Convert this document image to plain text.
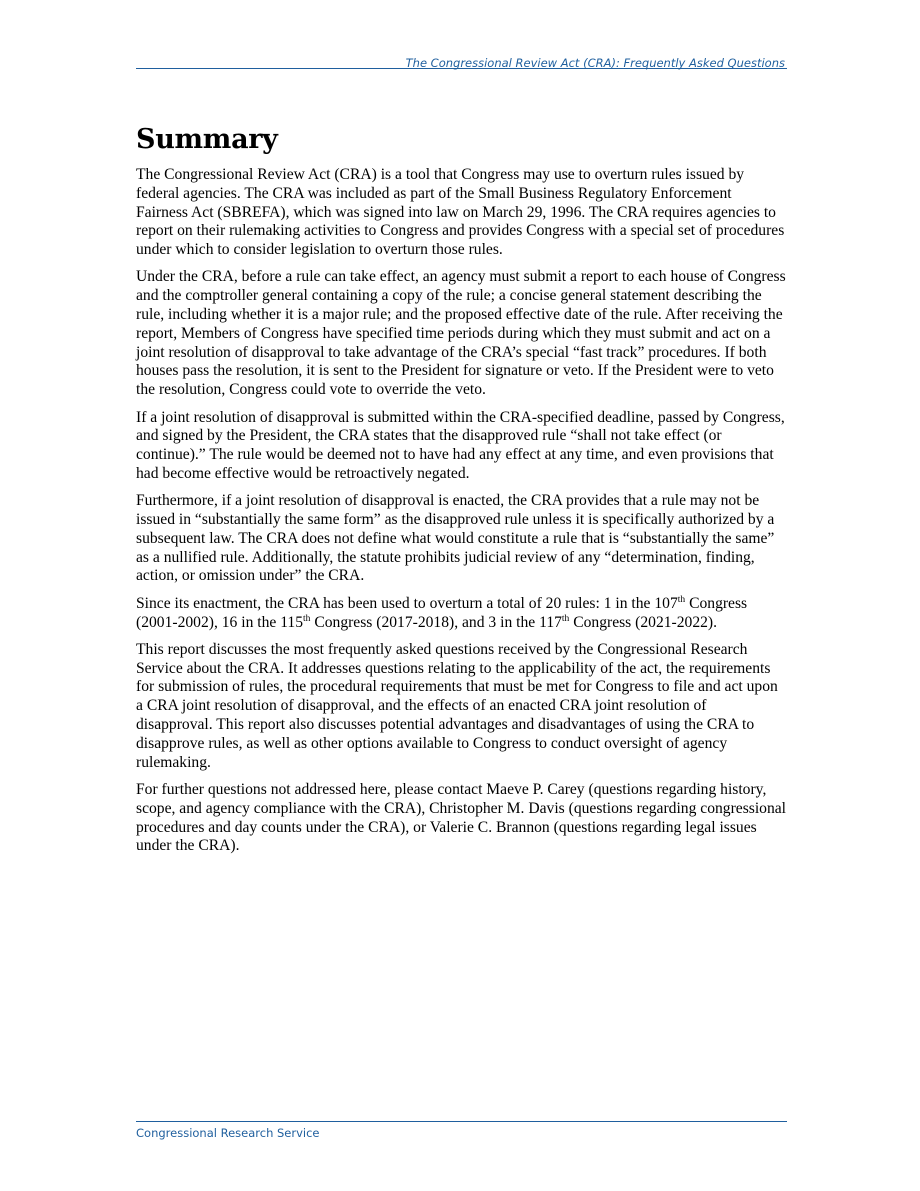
The Congressional Review Act (CRA): Frequently Asked Questions
Summary

The Congressional Review Act (CRA) is a tool that Congress may use to overturn rules issued by federal agencies. The CRA was included as part of the Small Business Regulatory Enforcement Fairness Act (SBREFA), which was signed into law on March 29, 1996. The CRA requires agencies to report on their rulemaking activities to Congress and provides Congress with a special set of procedures under which to consider legislation to overturn those rules.

Under the CRA, before a rule can take effect, an agency must submit a report to each house of Congress and the comptroller general containing a copy of the rule; a concise general statement describing the rule, including whether it is a major rule; and the proposed effective date of the rule. After receiving the report, Members of Congress have specified time periods during which they must submit and act on a joint resolution of disapproval to take advantage of the CRA’s special “fast track” procedures. If both houses pass the resolution, it is sent to the President for signature or veto. If the President were to veto the resolution, Congress could vote to override the veto.

If a joint resolution of disapproval is submitted within the CRA-specified deadline, passed by Congress, and signed by the President, the CRA states that the disapproved rule “shall not take effect (or continue).” The rule would be deemed not to have had any effect at any time, and even provisions that had become effective would be retroactively negated.

Furthermore, if a joint resolution of disapproval is enacted, the CRA provides that a rule may not be issued in “substantially the same form” as the disapproved rule unless it is specifically authorized by a subsequent law. The CRA does not define what would constitute a rule that is “substantially the same” as a nullified rule. Additionally, the statute prohibits judicial review of any “determination, finding, action, or omission under” the CRA.

Since its enactment, the CRA has been used to overturn a total of 20 rules: 1 in the 107th Congress (2001-2002), 16 in the 115th Congress (2017-2018), and 3 in the 117th Congress (2021-2022).

This report discusses the most frequently asked questions received by the Congressional Research Service about the CRA. It addresses questions relating to the applicability of the act, the requirements for submission of rules, the procedural requirements that must be met for Congress to file and act upon a CRA joint resolution of disapproval, and the effects of an enacted CRA joint resolution of disapproval. This report also discusses potential advantages and disadvantages of using the CRA to disapprove rules, as well as other options available to Congress to conduct oversight of agency rulemaking.

For further questions not addressed here, please contact Maeve P. Carey (questions regarding history, scope, and agency compliance with the CRA), Christopher M. Davis (questions regarding congressional procedures and day counts under the CRA), or Valerie C. Brannon (questions regarding legal issues under the CRA).

Congressional Research Service
